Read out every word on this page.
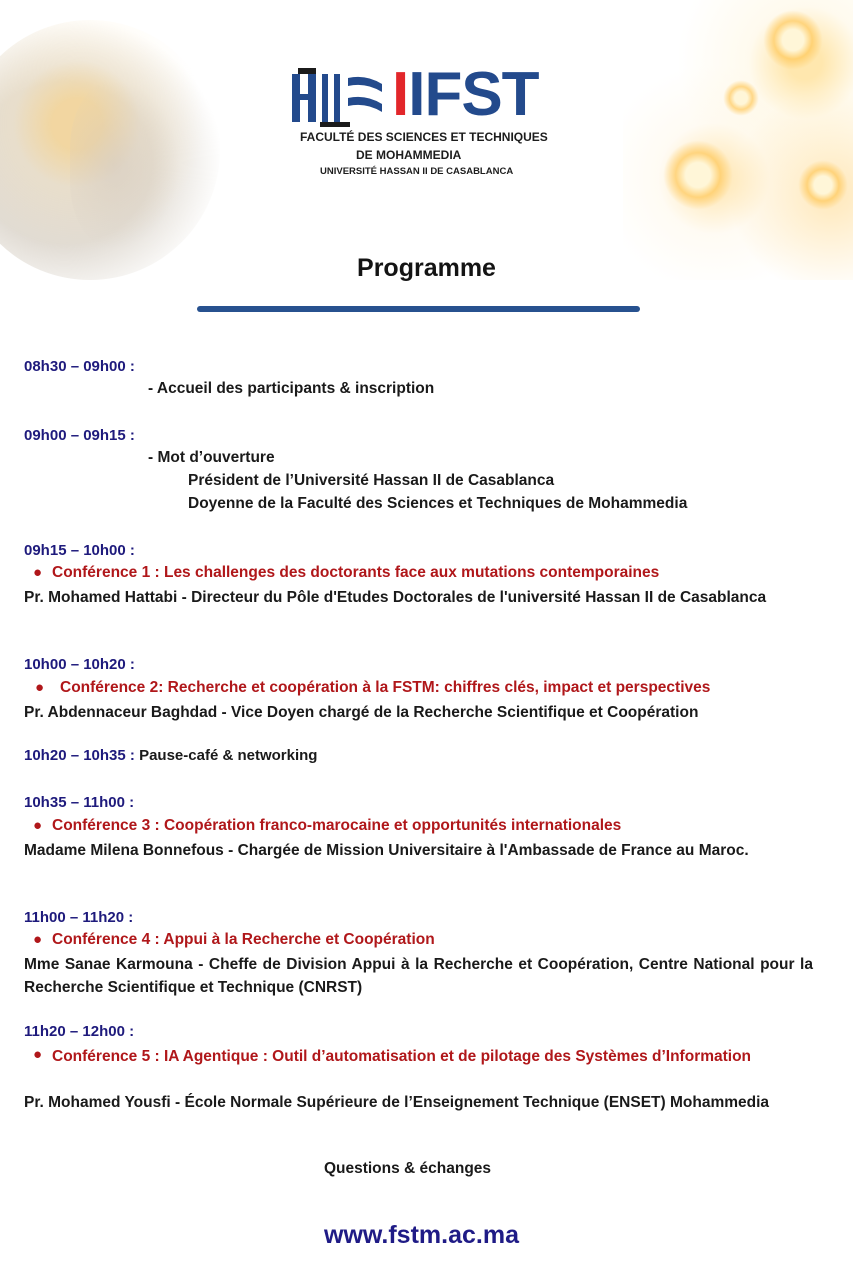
IIFST
FACULTÉ DES SCIENCES ET TECHNIQUES
DE MOHAMMEDIA
UNIVERSITÉ HASSAN II DE CASABLANCA
Programme
08h30 – 09h00 :
- Accueil des participants & inscription
09h00 – 09h15 :
- Mot d’ouverture
Président de l’Université Hassan II de Casablanca
Doyenne de la Faculté des Sciences et Techniques de Mohammedia
09h15 – 10h00 :
● Conférence 1 : Les challenges des doctorants face aux mutations contemporaines
Pr. Mohamed Hattabi - Directeur du Pôle d'Etudes Doctorales de l'université Hassan II de Casablanca
10h00 – 10h20 :
● Conférence 2: Recherche et coopération à la FSTM: chiffres clés, impact et perspectives
Pr. Abdennaceur Baghdad - Vice Doyen chargé de la Recherche Scientifique et Coopération
10h20 – 10h35 : Pause-café & networking
10h35 – 11h00 :
● Conférence 3 : Coopération franco-marocaine et opportunités internationales
Madame Milena Bonnefous - Chargée de Mission Universitaire à l'Ambassade de France au Maroc.
11h00 – 11h20 :
● Conférence 4 : Appui à la Recherche et Coopération
Mme Sanae Karmouna - Cheffe de Division Appui à la Recherche et Coopération, Centre National pour la Recherche Scientifique et Technique (CNRST)
11h20 – 12h00 :
● Conférence 5 : IA Agentique : Outil d’automatisation et de pilotage des Systèmes d’Information
Pr. Mohamed Yousfi - École Normale Supérieure de l’Enseignement Technique (ENSET) Mohammedia
Questions & échanges
www.fstm.ac.ma
